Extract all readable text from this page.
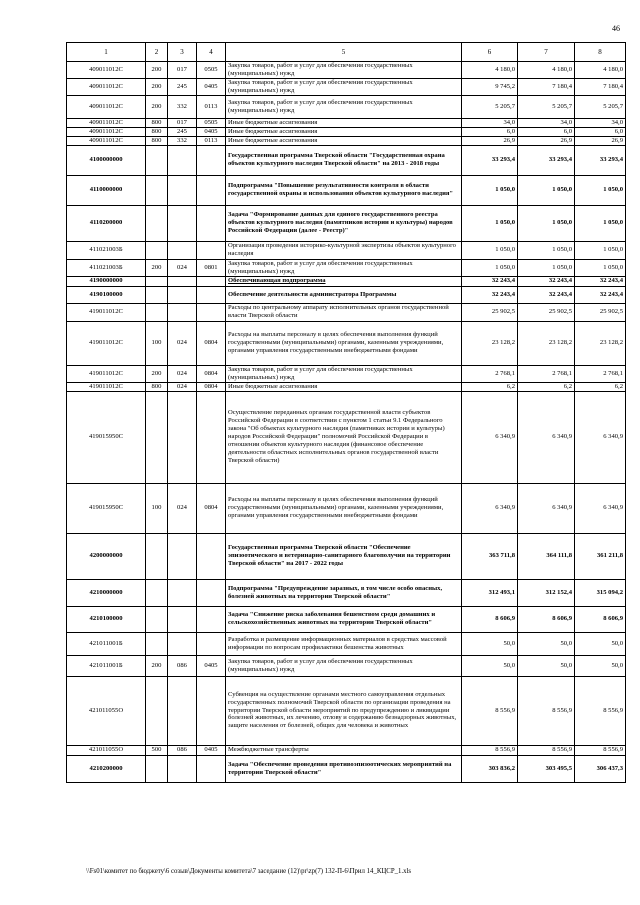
46
1	2	3	4	5	6	7	8
409011012С	200	017	0505	Закупка товаров, работ и услуг для обеспечения государственных (муниципальных) нужд	4 180,0	4 180,0	4 180,0
409011012С	200	245	0405	Закупка товаров, работ и услуг для обеспечения государственных (муниципальных) нужд	9 745,2	7 180,4	7 180,4
409011012С	200	332	0113	Закупка товаров, работ и услуг для обеспечения государственных (муниципальных) нужд	5 205,7	5 205,7	5 205,7
409011012С	800	017	0505	Иные бюджетные ассигнования	34,0	34,0	34,0
409011012С	800	245	0405	Иные бюджетные ассигнования	6,0	6,0	6,0
409011012С	800	332	0113	Иные бюджетные ассигнования	26,9	26,9	26,9
4100000000				Государственная программа Тверской области "Государственная охрана объектов культурного наследия Тверской области" на 2013 - 2018 годы	33 293,4	33 293,4	33 293,4
4110000000				Подпрограмма "Повышение результативности контроля в области государственной охраны и использования объектов культурного наследия"	1 050,0	1 050,0	1 050,0
4110200000				Задача "Формирование данных для единого государственного реестра объектов культурного наследия (памятников истории и культуры) народов Российской Федерации (далее - Реестр)"	1 050,0	1 050,0	1 050,0
411021003Б				Организация проведения историко-культурной экспертизы объектов культурного наследия	1 050,0	1 050,0	1 050,0
411021003Б	200	024	0801	Закупка товаров, работ и услуг для обеспечения государственных (муниципальных) нужд	1 050,0	1 050,0	1 050,0
4190000000				Обеспечивающая подпрограмма	32 243,4	32 243,4	32 243,4
4190100000				Обеспечение деятельности администратора Программы	32 243,4	32 243,4	32 243,4
419011012С				Расходы по центральному аппарату исполнительных органов государственной власти Тверской области	25 902,5	25 902,5	25 902,5
419011012С	100	024	0804	Расходы на выплаты персоналу в целях обеспечения выполнения функций государственными (муниципальными) органами, казенными учреждениями, органами управления государственными внебюджетными фондами	23 128,2	23 128,2	23 128,2
419011012С	200	024	0804	Закупка товаров, работ и услуг для обеспечения государственных (муниципальных) нужд	2 768,1	2 768,1	2 768,1
419011012С	800	024	0804	Иные бюджетные ассигнования	6,2	6,2	6,2
419015950С				Осуществление переданных органам государственной власти субъектов Российской Федерации в соответствии с пунктом 1 статьи 9.1 Федерального закона "Об объектах культурного наследия (памятниках истории и культуры) народов Российской Федерации" полномочий Российской Федерации в отношении объектов культурного наследия (финансовое обеспечение деятельности областных исполнительных органов государственной власти Тверской области)	6 340,9	6 340,9	6 340,9
419015950С	100	024	0804	Расходы на выплаты персоналу в целях обеспечения выполнения функций государственными (муниципальными) органами, казенными учреждениями, органами управления государственными внебюджетными фондами	6 340,9	6 340,9	6 340,9
4200000000				Государственная программа Тверской области "Обеспечение эпизоотического и ветеринарно-санитарного благополучия на территории Тверской области" на 2017 - 2022 годы	363 711,8	364 111,8	361 211,8
4210000000				Подпрограмма "Предупреждение заразных, в том числе особо опасных, болезней животных на территории Тверской области"	312 493,1	312 152,4	315 094,2
4210100000				Задача "Снижение риска заболевания бешенством среди домашних и сельскохозяйственных животных на территории Тверской области"	8 606,9	8 606,9	8 606,9
421011001Б				Разработка и размещение информационных материалов в средствах массовой информации по вопросам профилактики бешенства животных	50,0	50,0	50,0
421011001Б	200	086	0405	Закупка товаров, работ и услуг для обеспечения государственных (муниципальных) нужд	50,0	50,0	50,0
421011055О				Субвенция на осуществление органами местного самоуправления отдельных государственных полномочий Тверской области по организации проведения на территории Тверской области мероприятий по предупреждению и ликвидации болезней животных, их лечению, отлову и содержанию безнадзорных животных, защите населения от болезней, общих для человека и животных	8 556,9	8 556,9	8 556,9
421011055О	500	086	0405	Межбюджетные трансферты	8 556,9	8 556,9	8 556,9
4210200000				Задача "Обеспечение проведения противоэпизоотических мероприятий на территории Тверской области"	303 836,2	303 495,5	306 437,3
\\Fs01\комитет по бюджету\6 созыв\Документы комитета\7 заседание (12)\pr\zp(7) 132-П-6\Прил 14_КЦСР_1.xls
